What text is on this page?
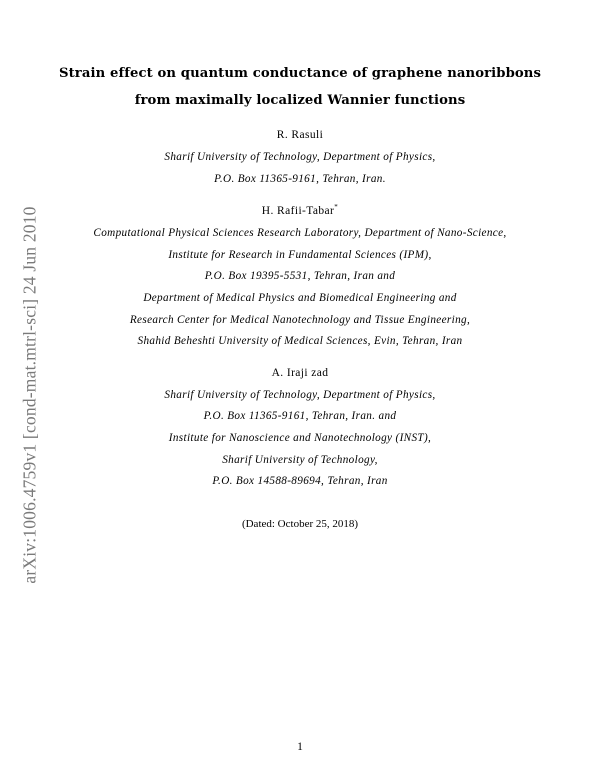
arXiv:1006.4759v1 [cond-mat.mtrl-sci] 24 Jun 2010
Strain effect on quantum conductance of graphene nanoribbons
from maximally localized Wannier functions
R. Rasuli
Sharif University of Technology, Department of Physics,
P.O. Box 11365-9161, Tehran, Iran.
H. Rafii-Tabar*
Computational Physical Sciences Research Laboratory, Department of Nano-Science,
Institute for Research in Fundamental Sciences (IPM),
P.O. Box 19395-5531, Tehran, Iran and
Department of Medical Physics and Biomedical Engineering and
Research Center for Medical Nanotechnology and Tissue Engineering,
Shahid Beheshti University of Medical Sciences, Evin, Tehran, Iran
A. Iraji zad
Sharif University of Technology, Department of Physics,
P.O. Box 11365-9161, Tehran, Iran. and
Institute for Nanoscience and Nanotechnology (INST),
Sharif University of Technology,
P.O. Box 14588-89694, Tehran, Iran
(Dated: October 25, 2018)
1
